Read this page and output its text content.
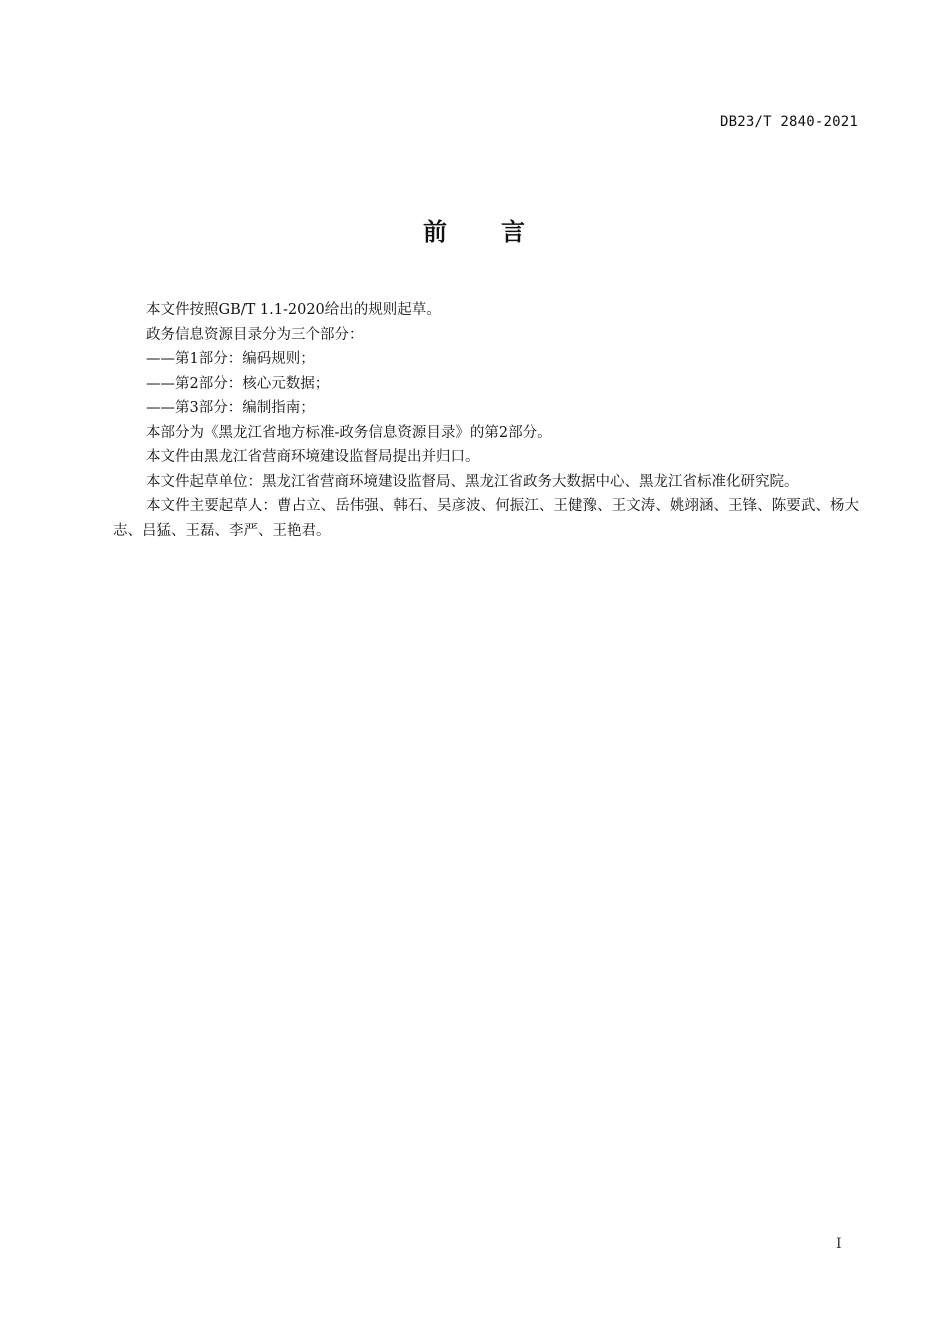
DB23/T 2840-2021
前 言

本文件按照GB/T 1.1-2020给出的规则起草。

政务信息资源目录分为三个部分：

——第1部分：编码规则；

——第2部分：核心元数据；

——第3部分：编制指南；

本部分为《黑龙江省地方标准-政务信息资源目录》的第2部分。

本文件由黑龙江省营商环境建设监督局提出并归口。

本文件起草单位：黑龙江省营商环境建设监督局、黑龙江省政务大数据中心、黑龙江省标准化研究院。

本文件主要起草人：曹占立、岳伟强、韩石、吴彦波、何振江、王健豫、王文涛、姚翊涵、王锋、陈要武、杨大志、吕猛、王磊、李严、王艳君。

I
